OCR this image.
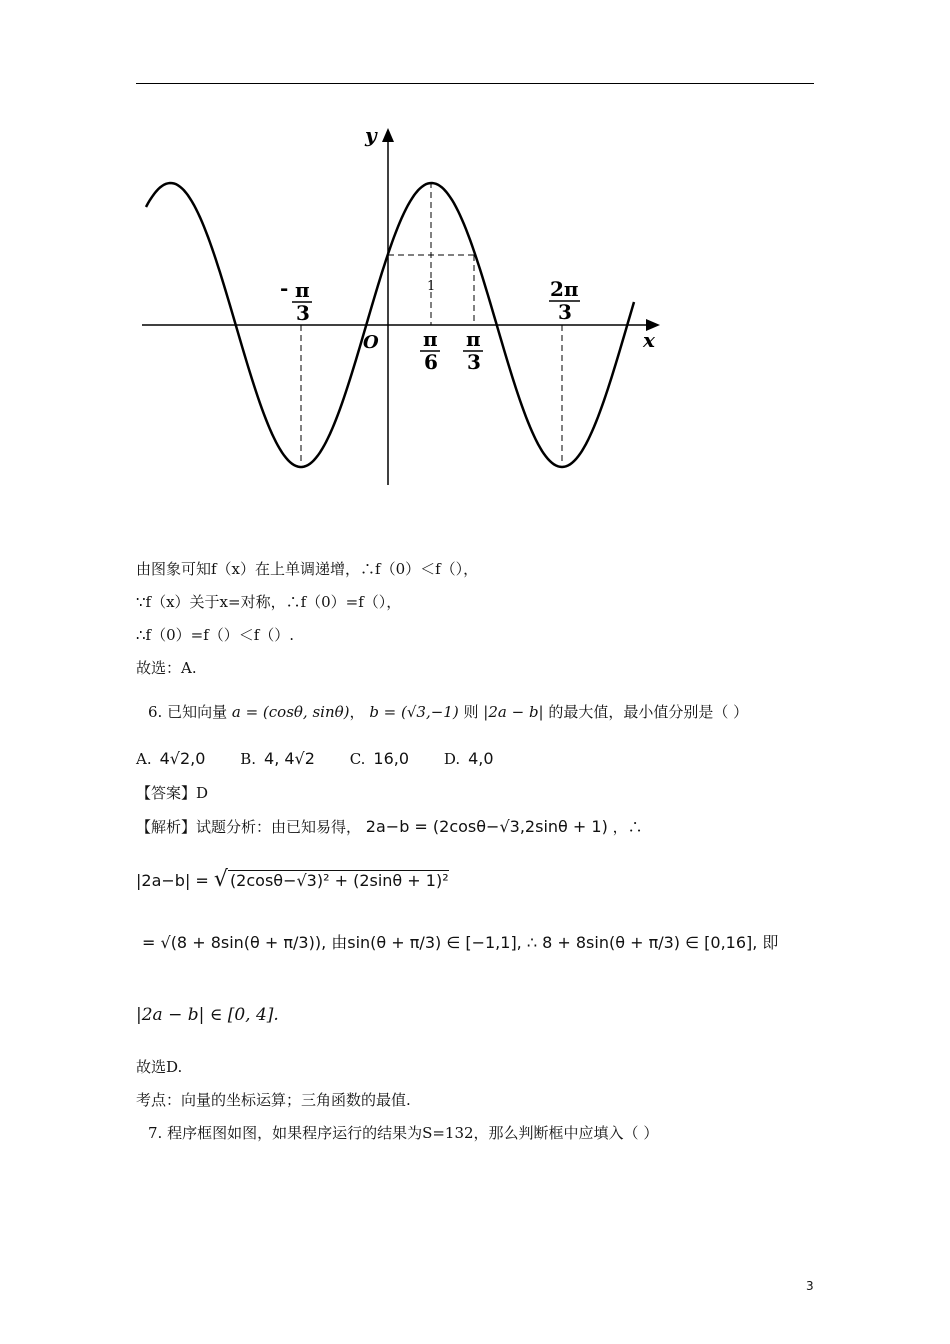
y
x
O
1
- π
3
π
6
π
3
2π
3
由图象可知f（x）在上单调递增，∴f（0）＜f（），
∵f（x）关于x=对称，∴f（0）=f（），
∴f（0）=f（）＜f（）.
故选：A.
6. 已知向量 a = (cosθ, sinθ)， b = (√3,−1) 则 |2a − b| 的最大值，最小值分别是（ ）
A. 4√2,0 B. 4, 4√2 C. 16,0 D. 4,0
【答案】D
【解析】试题分析：由已知易得， 2a−b = (2cosθ−√3,2sinθ + 1) ，∴
|2a−b| = √ (2cosθ−√3)² + (2sinθ + 1)²
= √(8 + 8sin(θ + π/3)), 由sin(θ + π/3) ∈ [−1,1], ∴ 8 + 8sin(θ + π/3) ∈ [0,16], 即
|2a − b| ∈ [0, 4].
故选D.
考点：向量的坐标运算；三角函数的最值.
7. 程序框图如图，如果程序运行的结果为S=132，那么判断框中应填入（ ）
3
